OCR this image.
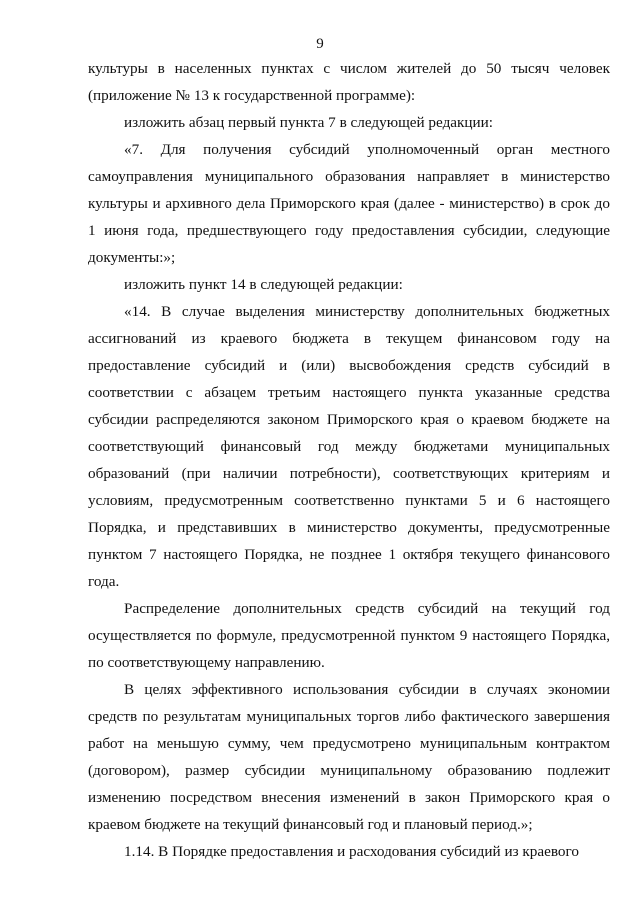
9

культуры в населенных пунктах с числом жителей до 50 тысяч человек (приложение № 13 к государственной программе):

изложить абзац первый пункта 7 в следующей редакции:

«7. Для получения субсидий уполномоченный орган местного самоуправления муниципального образования направляет в министерство культуры и архивного дела Приморского края (далее - министерство) в срок до 1 июня года, предшествующего году предоставления субсидии, следующие документы:»;

изложить пункт 14 в следующей редакции:

«14. В случае выделения министерству дополнительных бюджетных ассигнований из краевого бюджета в текущем финансовом году на предоставление субсидий и (или) высвобождения средств субсидий в соответствии с абзацем третьим настоящего пункта указанные средства субсидии распределяются законом Приморского края о краевом бюджете на соответствующий финансовый год между бюджетами муниципальных образований (при наличии потребности), соответствующих критериям и условиям, предусмотренным соответственно пунктами 5 и 6 настоящего Порядка, и представивших в министерство документы, предусмотренные пунктом 7 настоящего Порядка, не позднее 1 октября текущего финансового года.

Распределение дополнительных средств субсидий на текущий год осуществляется по формуле, предусмотренной пунктом 9 настоящего Порядка, по соответствующему направлению.

В целях эффективного использования субсидии в случаях экономии средств по результатам муниципальных торгов либо фактического завершения работ на меньшую сумму, чем предусмотрено муниципальным контрактом (договором), размер субсидии муниципальному образованию подлежит изменению посредством внесения изменений в закон Приморского края о краевом бюджете на текущий финансовый год и плановый период.»;

1.14. В Порядке предоставления и расходования субсидий из краевого
